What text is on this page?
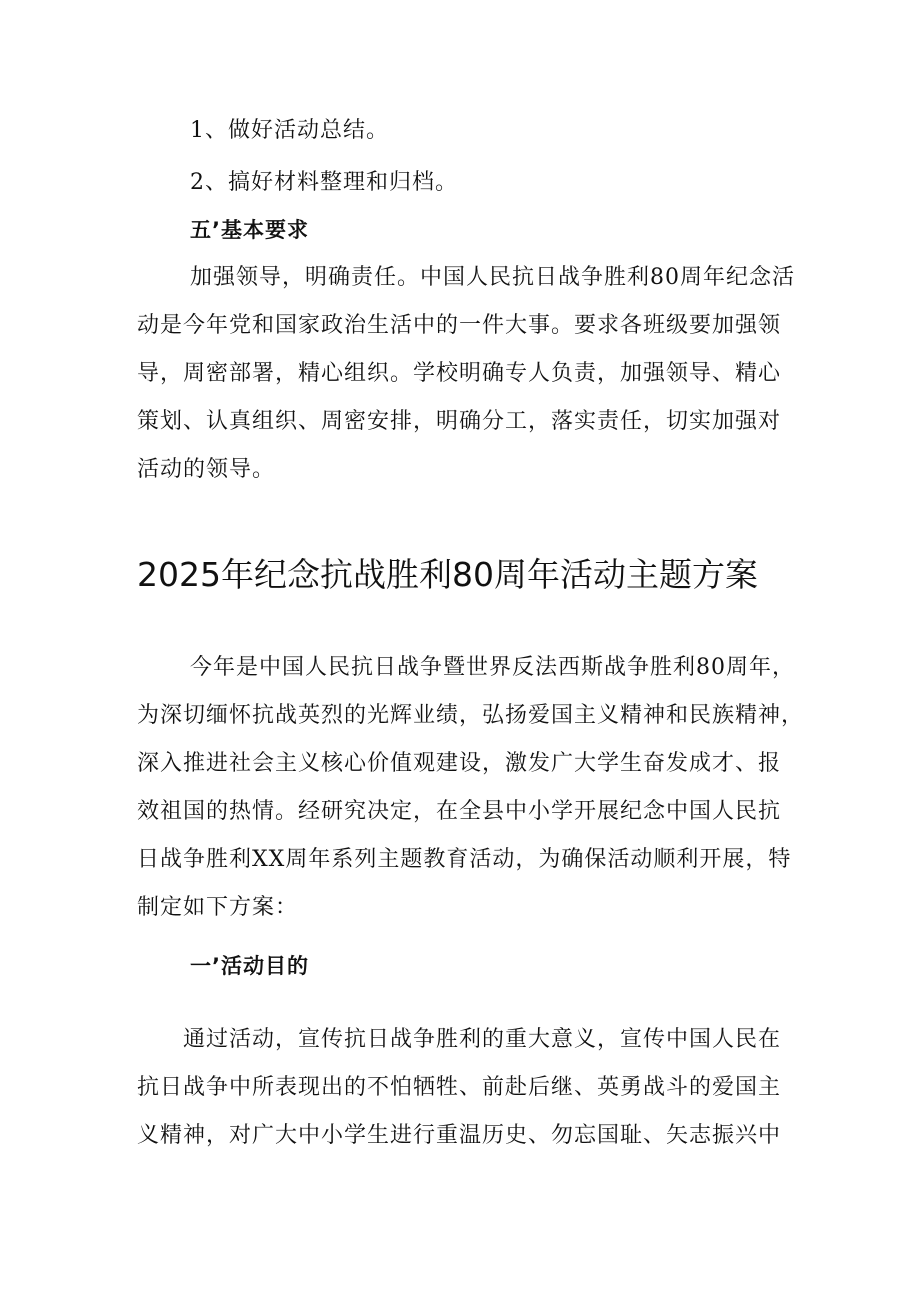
1、做好活动总结。
2、搞好材料整理和归档。
五’基本要求
加强领导，明确责任。中国人民抗日战争胜利80周年纪念活
动是今年党和国家政治生活中的一件大事。要求各班级要加强领
导，周密部署，精心组织。学校明确专人负责，加强领导、精心
策划、认真组织、周密安排，明确分工，落实责任，切实加强对
活动的领导。
2025年纪念抗战胜利80周年活动主题方案
今年是中国人民抗日战争暨世界反法西斯战争胜利80周年，
为深切缅怀抗战英烈的光辉业绩，弘扬爱国主义精神和民族精神，
深入推进社会主义核心价值观建设，激发广大学生奋发成才、报
效祖国的热情。经研究决定，在全县中小学开展纪念中国人民抗
日战争胜利XX周年系列主题教育活动，为确保活动顺利开展，特
制定如下方案：
一’活动目的
通过活动，宣传抗日战争胜利的重大意义，宣传中国人民在
抗日战争中所表现出的不怕牺牲、前赴后继、英勇战斗的爱国主
义精神，对广大中小学生进行重温历史、勿忘国耻、矢志振兴中
